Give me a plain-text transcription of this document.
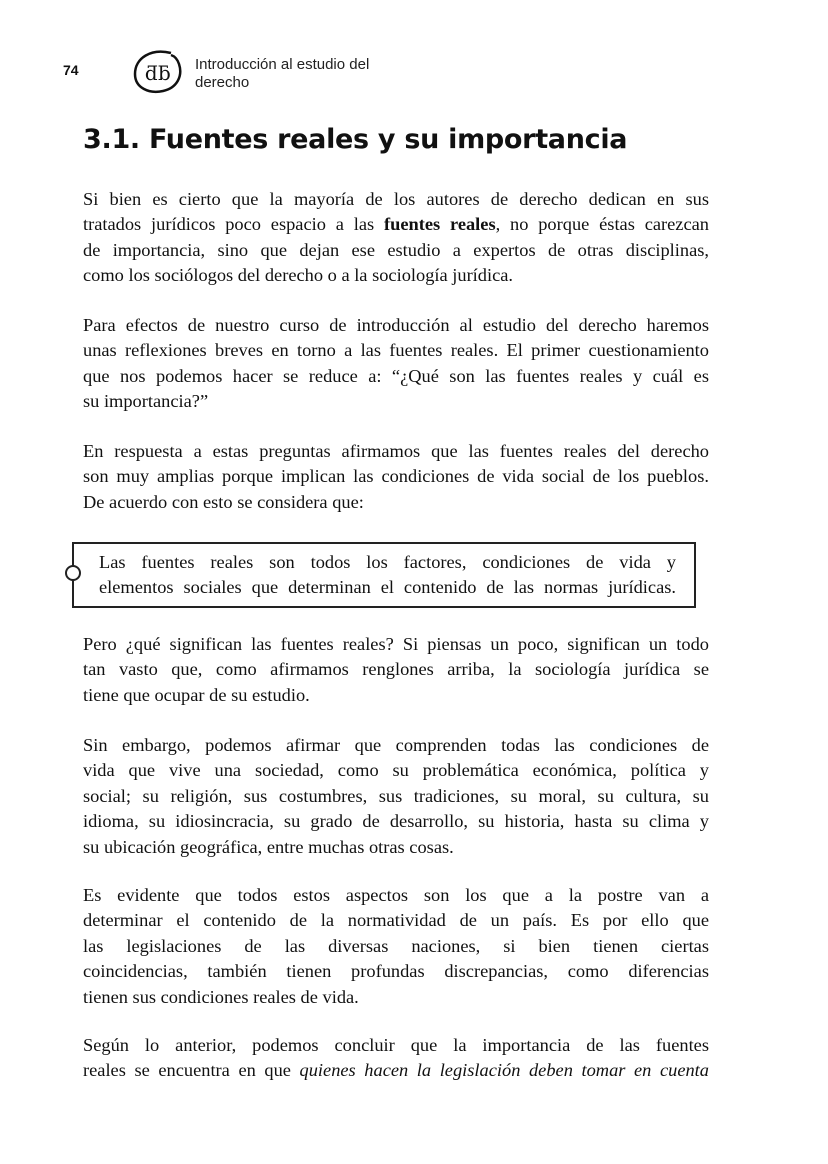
74	ƌƃ Introducción al estudio del
derecho
3.1. Fuentes reales y su importancia
Si bien es cierto que la mayoría de los autores de derecho dedican en sus
tratados jurídicos poco espacio a las fuentes reales, no porque éstas carezcan
de importancia, sino que dejan ese estudio a expertos de otras disciplinas,
como los sociólogos del derecho o a la sociología jurídica.
Para efectos de nuestro curso de introducción al estudio del derecho haremos
unas reflexiones breves en torno a las fuentes reales. El primer cuestionamiento
que nos podemos hacer se reduce a: “¿Qué son las fuentes reales y cuál es
su importancia?”
En respuesta a estas preguntas afirmamos que las fuentes reales del derecho
son muy amplias porque implican las condiciones de vida social de los pueblos.
De acuerdo con esto se considera que:
Las fuentes reales son todos los factores, condiciones de vida y
elementos sociales que determinan el contenido de las normas jurídicas.
Pero ¿qué significan las fuentes reales? Si piensas un poco, significan un todo
tan vasto que, como afirmamos renglones arriba, la sociología jurídica se
tiene que ocupar de su estudio.
Sin embargo, podemos afirmar que comprenden todas las condiciones de
vida que vive una sociedad, como su problemática económica, política y
social; su religión, sus costumbres, sus tradiciones, su moral, su cultura, su
idioma, su idiosincracia, su grado de desarrollo, su historia, hasta su clima y
su ubicación geográfica, entre muchas otras cosas.
Es evidente que todos estos aspectos son los que a la postre van a
determinar el contenido de la normatividad de un país. Es por ello que
las legislaciones de las diversas naciones, si bien tienen ciertas
coincidencias, también tienen profundas discrepancias, como diferencias
tienen sus condiciones reales de vida.
Según lo anterior, podemos concluir que la importancia de las fuentes
reales se encuentra en que quienes hacen la legislación deben tomar en cuenta
